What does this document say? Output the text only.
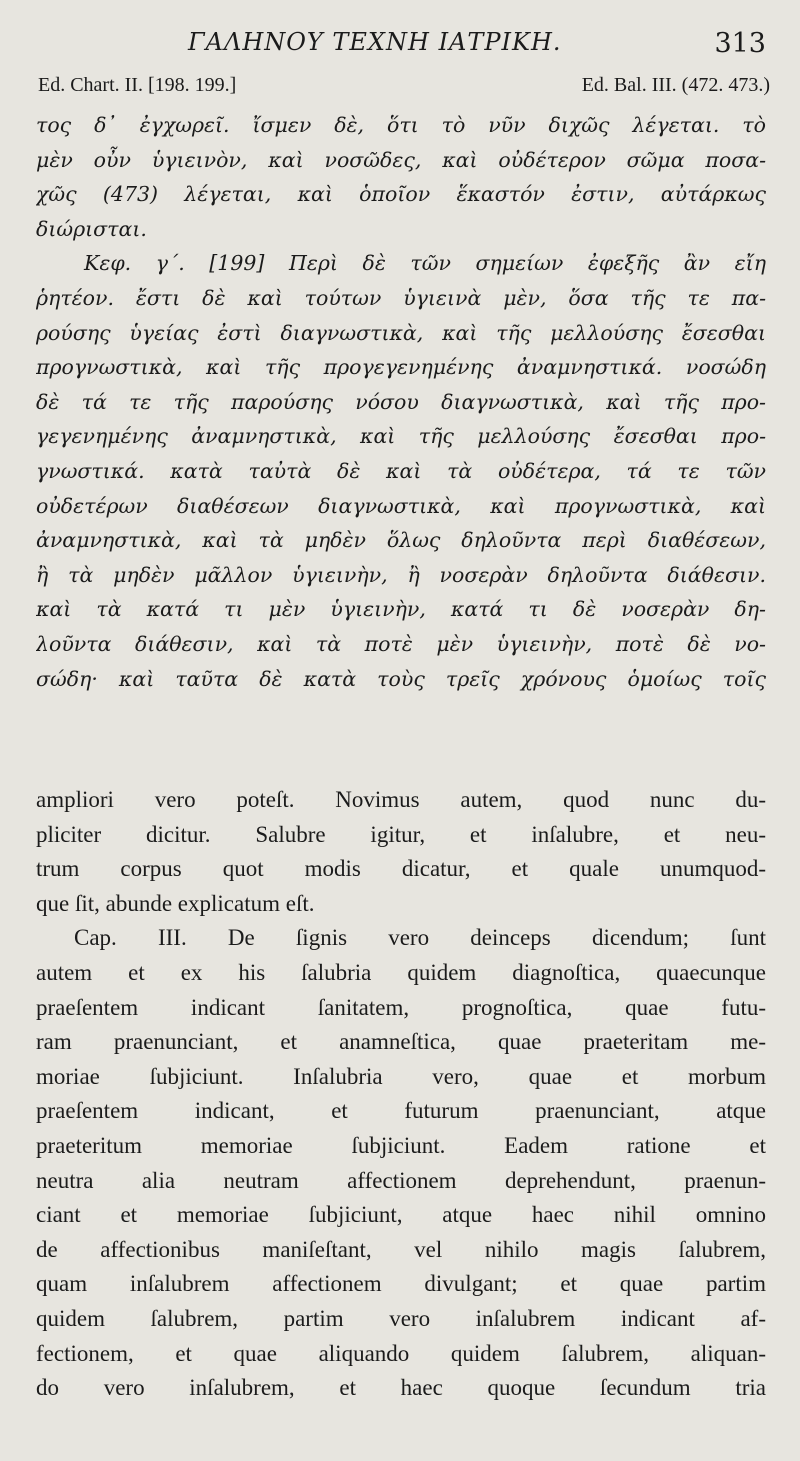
ΓΑΛΗΝΟΥ ΤΕΧΝΗ ΙΑΤΡΙΚΗ.	313
Ed. Chart. II. [198. 199.]	Ed. Bal. III. (472. 473.)
τος δ᾽ ἐγχωρεῖ. ἴσμεν δὲ, ὅτι τὸ νῦν διχῶς λέγεται. τὸ
μὲν οὖν ὑγιεινὸν, καὶ νοσῶδες, καὶ οὐδέτερον σῶμα ποσα-
χῶς (473) λέγεται, καὶ ὁποῖον ἕκαστόν ἐστιν, αὐτάρκως
διώρισται.
Κεφ. γ΄. [199] Περὶ δὲ τῶν σημείων ἐφεξῆς ἂν εἴη
ῥητέον. ἔστι δὲ καὶ τούτων ὑγιεινὰ μὲν, ὅσα τῆς τε πα-
ρούσης ὑγείας ἐστὶ διαγνωστικὰ, καὶ τῆς μελλούσης ἔσεσθαι
προγνωστικὰ, καὶ τῆς προγεγενημένης ἀναμνηστικά. νοσώδη
δὲ τά τε τῆς παρούσης νόσου διαγνωστικὰ, καὶ τῆς προ-
γεγενημένης ἀναμνηστικὰ, καὶ τῆς μελλούσης ἔσεσθαι προ-
γνωστικά. κατὰ ταὐτὰ δὲ καὶ τὰ οὐδέτερα, τά τε τῶν
οὐδετέρων διαθέσεων διαγνωστικὰ, καὶ προγνωστικὰ, καὶ
ἀναμνηστικὰ, καὶ τὰ μηδὲν ὅλως δηλοῦντα περὶ διαθέσεων,
ἢ τὰ μηδὲν μᾶλλον ὑγιεινὴν, ἢ νοσερὰν δηλοῦντα διάθεσιν.
καὶ τὰ κατά τι μὲν ὑγιεινὴν, κατά τι δὲ νοσερὰν δη-
λοῦντα διάθεσιν, καὶ τὰ ποτὲ μὲν ὑγιεινὴν, ποτὲ δὲ νο-
σώδη· καὶ ταῦτα δὲ κατὰ τοὺς τρεῖς χρόνους ὁμοίως τοῖς
ampliori vero poteſt. Novimus autem, quod nunc du-
pliciter dicitur. Salubre igitur, et inſalubre, et neu-
trum corpus quot modis dicatur, et quale unumquod-
que ſit, abunde explicatum eſt.
Cap. III. De ſignis vero deinceps dicendum; ſunt
autem et ex his ſalubria quidem diagnoſtica, quaecunque
praeſentem indicant ſanitatem, prognoſtica, quae futu-
ram praenunciant, et anamneſtica, quae praeteritam me-
moriae ſubjiciunt. Inſalubria vero, quae et morbum
praeſentem indicant, et futurum praenunciant, atque
praeteritum memoriae ſubjiciunt. Eadem ratione et
neutra alia neutram affectionem deprehendunt, praenun-
ciant et memoriae ſubjiciunt, atque haec nihil omnino
de affectionibus maniſeſtant, vel nihilo magis ſalubrem,
quam inſalubrem affectionem divulgant; et quae partim
quidem ſalubrem, partim vero inſalubrem indicant af-
fectionem, et quae aliquando quidem ſalubrem, aliquan-
do vero inſalubrem, et haec quoque ſecundum tria
